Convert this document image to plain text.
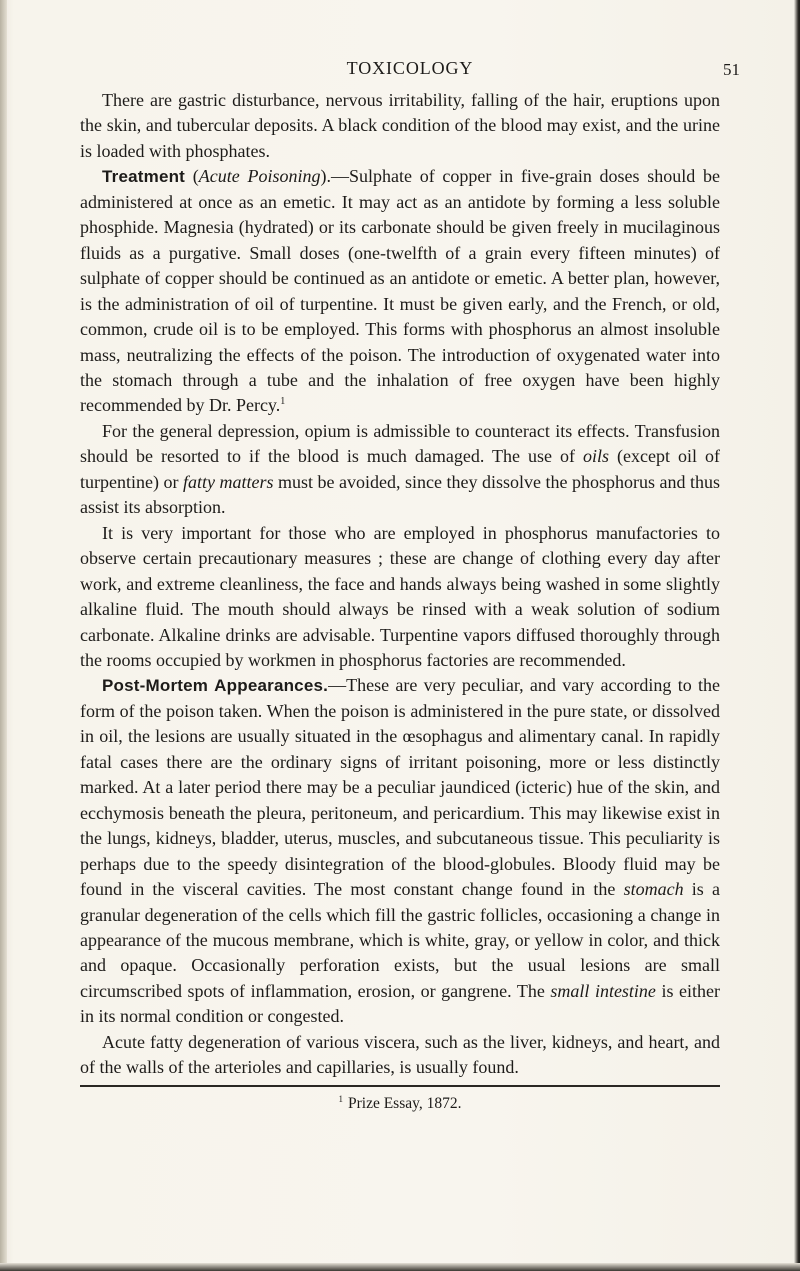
TOXICOLOGY	51

There are gastric disturbance, nervous irritability, falling of the hair, eruptions upon the skin, and tubercular deposits. A black condition of the blood may exist, and the urine is loaded with phosphates.

Treatment (Acute Poisoning).—Sulphate of copper in five-grain doses should be administered at once as an emetic. It may act as an antidote by forming a less soluble phosphide. Magnesia (hydrated) or its carbonate should be given freely in mucilaginous fluids as a purgative. Small doses (one-twelfth of a grain every fifteen minutes) of sulphate of copper should be continued as an antidote or emetic. A better plan, however, is the administration of oil of turpentine. It must be given early, and the French, or old, common, crude oil is to be employed. This forms with phosphorus an almost insoluble mass, neutralizing the effects of the poison. The introduction of oxygenated water into the stomach through a tube and the inhalation of free oxygen have been highly recommended by Dr. Percy.$^1$

For the general depression, opium is admissible to counteract its effects. Transfusion should be resorted to if the blood is much damaged. The use of oils (except oil of turpentine) or fatty matters must be avoided, since they dissolve the phosphorus and thus assist its absorption.

It is very important for those who are employed in phosphorus manufactories to observe certain precautionary measures ; these are change of clothing every day after work, and extreme cleanliness, the face and hands always being washed in some slightly alkaline fluid. The mouth should always be rinsed with a weak solution of sodium carbonate. Alkaline drinks are advisable. Turpentine vapors diffused thoroughly through the rooms occupied by workmen in phosphorus factories are recommended.

Post-Mortem Appearances.—These are very peculiar, and vary according to the form of the poison taken. When the poison is administered in the pure state, or dissolved in oil, the lesions are usually situated in the œsophagus and alimentary canal. In rapidly fatal cases there are the ordinary signs of irritant poisoning, more or less distinctly marked. At a later period there may be a peculiar jaundiced (icteric) hue of the skin, and ecchymosis beneath the pleura, peritoneum, and pericardium. This may likewise exist in the lungs, kidneys, bladder, uterus, muscles, and subcutaneous tissue. This peculiarity is perhaps due to the speedy disintegration of the blood-globules. Bloody fluid may be found in the visceral cavities. The most constant change found in the stomach is a granular degeneration of the cells which fill the gastric follicles, occasioning a change in appearance of the mucous membrane, which is white, gray, or yellow in color, and thick and opaque. Occasionally perforation exists, but the usual lesions are small circumscribed spots of inflammation, erosion, or gangrene. The small intestine is either in its normal condition or congested.

Acute fatty degeneration of various viscera, such as the liver, kidneys, and heart, and of the walls of the arterioles and capillaries, is usually found.

$^1$ Prize Essay, 1872.
